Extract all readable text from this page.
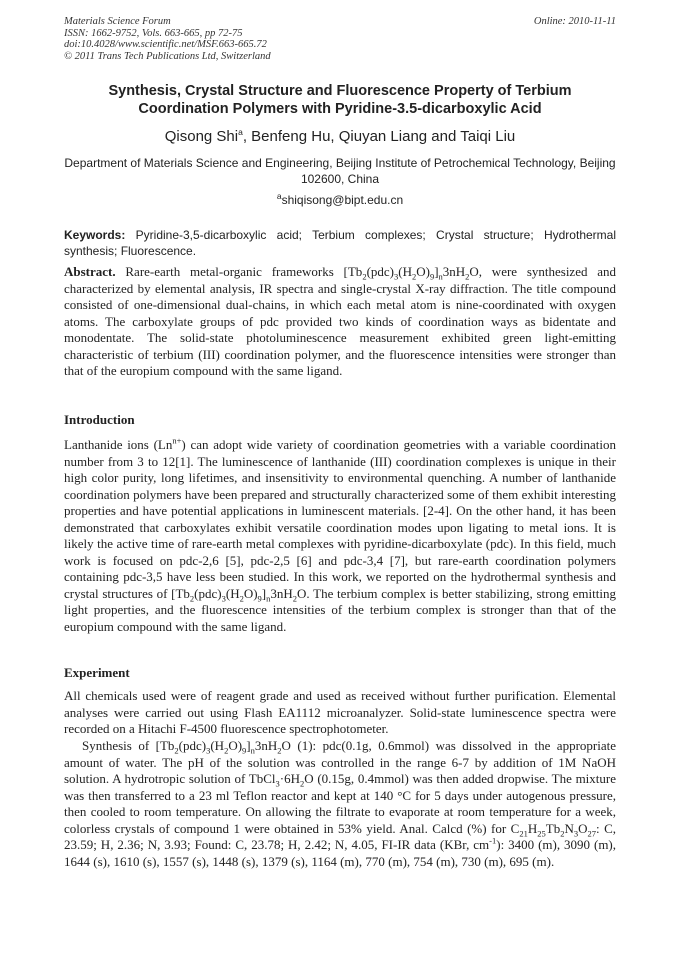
Materials Science Forum
ISSN: 1662-9752, Vols. 663-665, pp 72-75
doi:10.4028/www.scientific.net/MSF.663-665.72
© 2011 Trans Tech Publications Ltd, Switzerland
Online: 2010-11-11
Synthesis, Crystal Structure and Fluorescence Property of Terbium
Coordination Polymers with Pyridine-3.5-dicarboxylic Acid
Qisong Shi$^a$, Benfeng Hu, Qiuyan Liang and Taiqi Liu
Department of Materials Science and Engineering, Beijing Institute of Petrochemical Technology, Beijing 102600, China
$^a$shiqisong@bipt.edu.cn
Keywords: Pyridine-3,5-dicarboxylic acid; Terbium complexes; Crystal structure; Hydrothermal synthesis; Fluorescence.
Abstract. Rare-earth metal-organic frameworks $[Tb_2(pdc)_3(H_2O)_9]_n3nH_2O$, were synthesized and characterized by elemental analysis, IR spectra and single-crystal X-ray diffraction. The title compound consisted of one-dimensional dual-chains, in which each metal atom is nine-coordinated with oxygen atoms. The carboxylate groups of pdc provided two kinds of coordination ways as bidentate and monodentate. The solid-state photoluminescence measurement exhibited green light-emitting characteristic of terbium (III) coordination polymer, and the fluorescence intensities were stronger than that of the europium compound with the same ligand.
Introduction
Lanthanide ions $(Ln^{n+})$ can adopt wide variety of coordination geometries with a variable coordination number from 3 to 12[1]. The luminescence of lanthanide (III) coordination complexes is unique in their high color purity, long lifetimes, and insensitivity to environmental quenching. A number of lanthanide coordination polymers have been prepared and structurally characterized some of them exhibit interesting properties and have potential applications in luminescent materials. [2-4]. On the other hand, it has been demonstrated that carboxylates exhibit versatile coordination modes upon ligating to metal ions. It is likely the active time of rare-earth metal complexes with pyridine-dicarboxylate (pdc). In this field, much work is focused on pdc-2,6 [5], pdc-2,5 [6] and pdc-3,4 [7], but rare-earth coordination polymers containing pdc-3,5 have less been studied. In this work, we reported on the hydrothermal synthesis and crystal structures of $[Tb_2(pdc)_3(H_2O)_9]_n3nH_2O$. The terbium complex is better stabilizing, strong emitting light properties, and the fluorescence intensities of the terbium complex is stronger than that of the europium compound with the same ligand.
Experiment
All chemicals used were of reagent grade and used as received without further purification. Elemental analyses were carried out using Flash EA1112 microanalyzer. Solid-state luminescence spectra were recorded on a Hitachi F-4500 fluorescence spectrophotometer.
Synthesis of $[Tb_2(pdc)_3(H_2O)_9]_n3nH_2O$ (1): pdc(0.1g, 0.6mmol) was dissolved in the appropriate amount of water. The pH of the solution was controlled in the range 6-7 by addition of 1M NaOH solution. A hydrotropic solution of $TbCl_3\cdot 6H_2O$ (0.15g, 0.4mmol) was then added dropwise. The mixture was then transferred to a 23 ml Teflon reactor and kept at 140 °C for 5 days under autogenous pressure, then cooled to room temperature. On allowing the filtrate to evaporate at room temperature for a week, colorless crystals of compound 1 were obtained in 53% yield. Anal. Calcd (%) for $C_{21}H_{25}Tb_2N_3O_{27}$: C, 23.59; H, 2.36; N, 3.93; Found: C, 23.78; H, 2.42; N, 4.05, FI-IR data (KBr, $cm^{-1}$): 3400 (m), 3090 (m), 1644 (s), 1610 (s), 1557 (s), 1448 (s), 1379 (s), 1164 (m), 770 (m), 754 (m), 730 (m), 695 (m).
